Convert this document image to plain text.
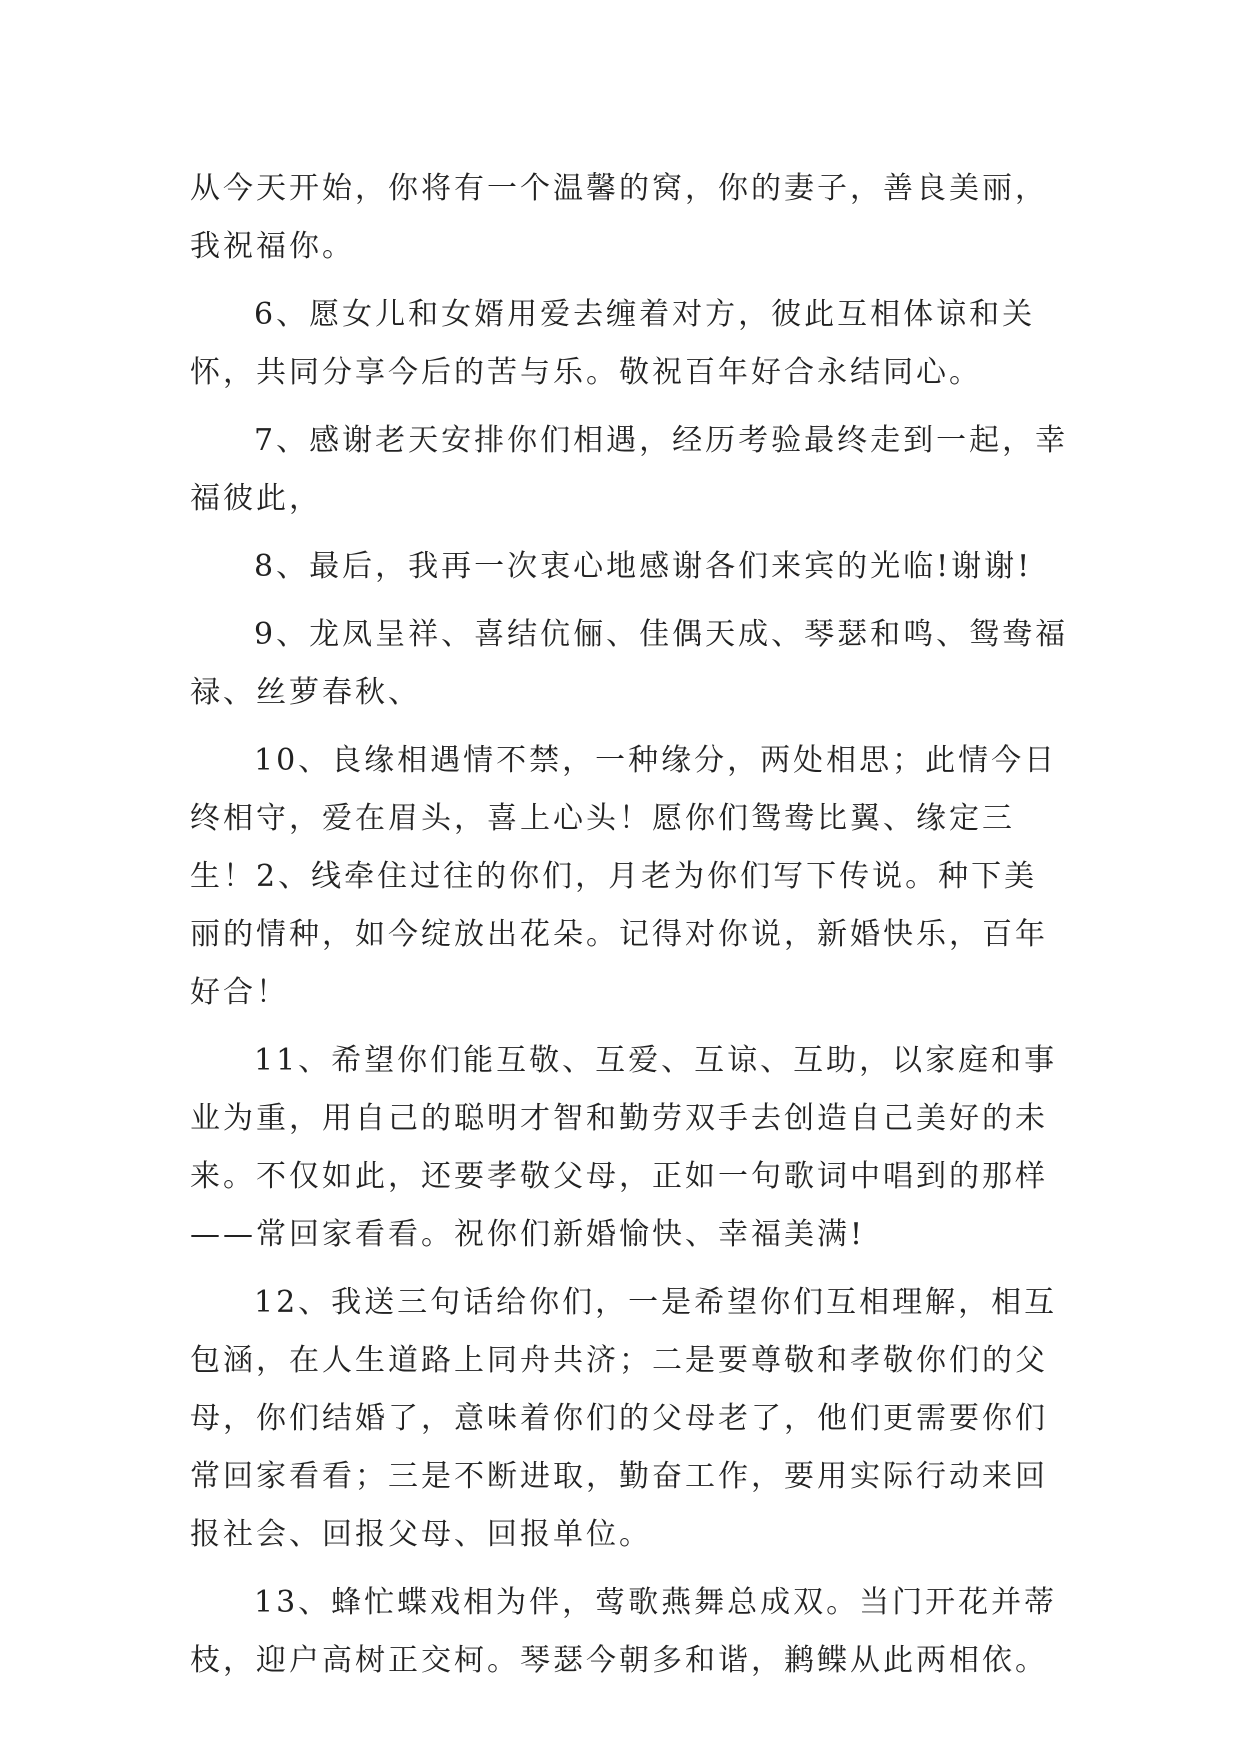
从今天开始，你将有一个温馨的窝，你的妻子，善良美丽，我祝福你。

6、愿女儿和女婿用爱去缠着对方，彼此互相体谅和关怀，共同分享今后的苦与乐。敬祝百年好合永结同心。

7、感谢老天安排你们相遇，经历考验最终走到一起，幸福彼此，

8、最后，我再一次衷心地感谢各们来宾的光临!谢谢!

9、龙凤呈祥、喜结伉俪、佳偶天成、琴瑟和鸣、鸳鸯福禄、丝萝春秋、

10、良缘相遇情不禁，一种缘分，两处相思；此情今日终相守，爱在眉头，喜上心头！愿你们鸳鸯比翼、缘定三生！2、线牵住过往的你们，月老为你们写下传说。种下美丽的情种，如今绽放出花朵。记得对你说，新婚快乐，百年好合！

11、希望你们能互敬、互爱、互谅、互助，以家庭和事业为重，用自己的聪明才智和勤劳双手去创造自己美好的未来。不仅如此，还要孝敬父母，正如一句歌词中唱到的那样——常回家看看。祝你们新婚愉快、幸福美满!

12、我送三句话给你们，一是希望你们互相理解，相互包涵，在人生道路上同舟共济；二是要尊敬和孝敬你们的父母，你们结婚了，意味着你们的父母老了，他们更需要你们常回家看看；三是不断进取，勤奋工作，要用实际行动来回报社会、回报父母、回报单位。

13、蜂忙蝶戏相为伴，莺歌燕舞总成双。当门开花并蒂枝，迎户高树正交柯。琴瑟今朝多和谐，鹣鲽从此两相依。
